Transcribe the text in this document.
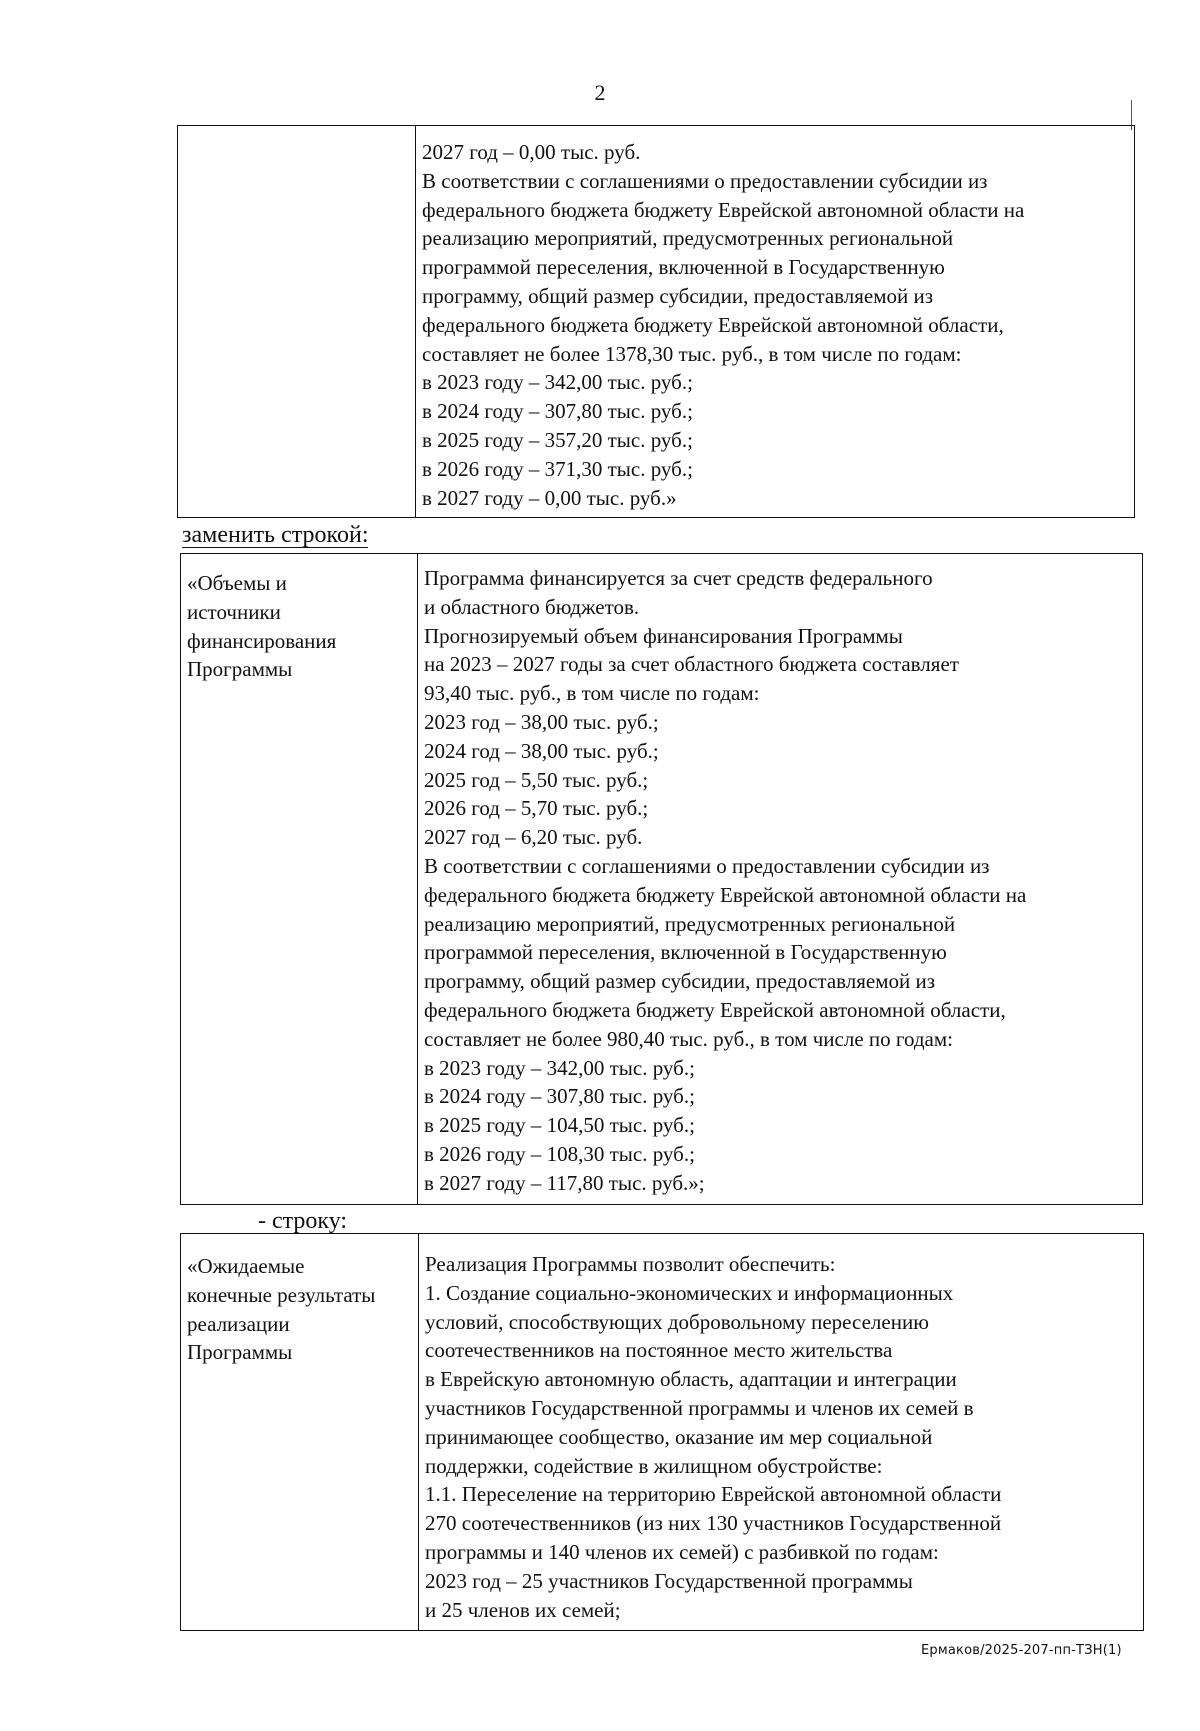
2
2027 год – 0,00 тыс. руб.
В соответствии с соглашениями о предоставлении субсидии из
федерального бюджета бюджету Еврейской автономной области на
реализацию мероприятий, предусмотренных региональной
программой переселения, включенной в Государственную
программу, общий размер субсидии, предоставляемой из
федерального бюджета бюджету Еврейской автономной области,
составляет не более 1378,30 тыс. руб., в том числе по годам:
в 2023 году – 342,00 тыс. руб.;
в 2024 году – 307,80 тыс. руб.;
в 2025 году – 357,20 тыс. руб.;
в 2026 году – 371,30 тыс. руб.;
в 2027 году – 0,00 тыс. руб.»
заменить строкой:
«Объемы и
источники
финансирования
Программы
Программа финансируется за счет средств федерального
и областного бюджетов.
Прогнозируемый объем финансирования Программы
на 2023 – 2027 годы за счет областного бюджета составляет
93,40 тыс. руб., в том числе по годам:
2023 год – 38,00 тыс. руб.;
2024 год – 38,00 тыс. руб.;
2025 год – 5,50 тыс. руб.;
2026 год – 5,70 тыс. руб.;
2027 год – 6,20 тыс. руб.
В соответствии с соглашениями о предоставлении субсидии из
федерального бюджета бюджету Еврейской автономной области на
реализацию мероприятий, предусмотренных региональной
программой переселения, включенной в Государственную
программу, общий размер субсидии, предоставляемой из
федерального бюджета бюджету Еврейской автономной области,
составляет не более 980,40 тыс. руб., в том числе по годам:
в 2023 году – 342,00 тыс. руб.;
в 2024 году – 307,80 тыс. руб.;
в 2025 году – 104,50 тыс. руб.;
в 2026 году – 108,30 тыс. руб.;
в 2027 году – 117,80 тыс. руб.»;
- строку:
«Ожидаемые
конечные результаты
реализации
Программы
Реализация Программы позволит обеспечить:
1. Создание социально-экономических и информационных
условий, способствующих добровольному переселению
соотечественников на постоянное место жительства
в Еврейскую автономную область, адаптации и интеграции
участников Государственной программы и членов их семей в
принимающее сообщество, оказание им мер социальной
поддержки, содействие в жилищном обустройстве:
1.1. Переселение на территорию Еврейской автономной области
270 соотечественников (из них 130 участников Государственной
программы и 140 членов их семей) с разбивкой по годам:
2023 год – 25 участников Государственной программы
и 25 членов их семей;
Ермаков/2025-207-пп-ТЗН(1)
